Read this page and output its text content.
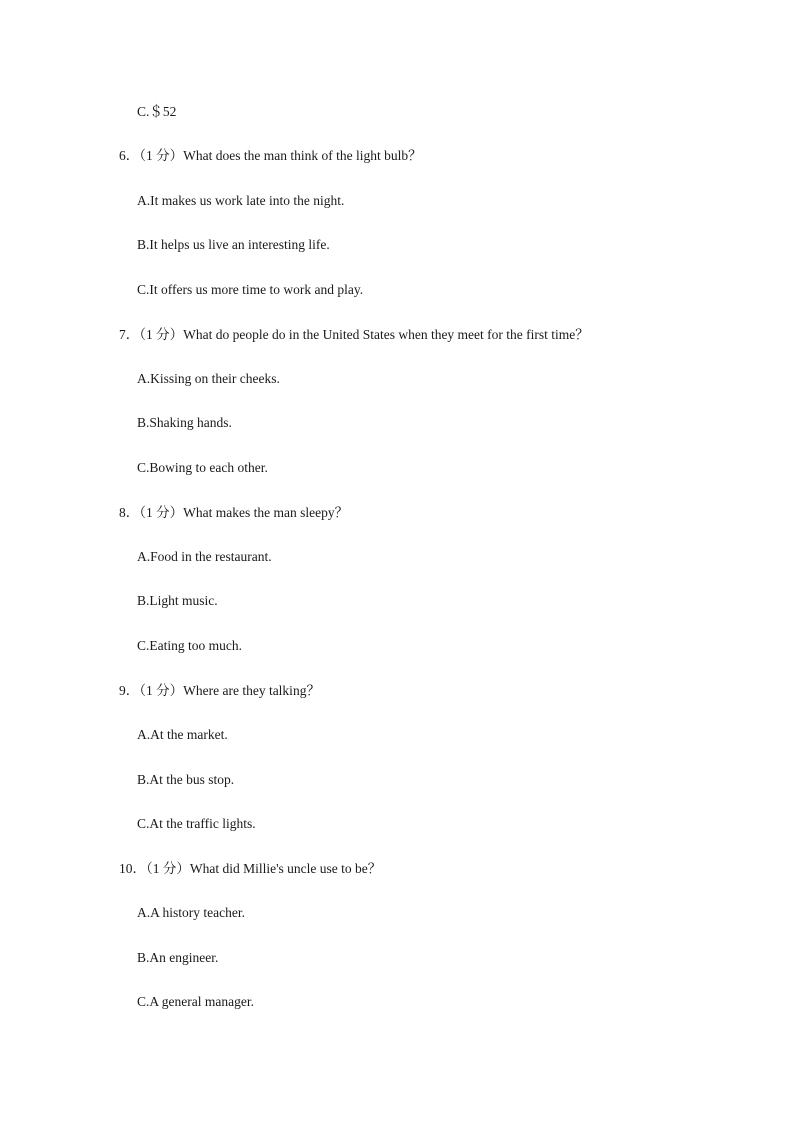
C.＄52
6．（1 分）What does the man think of the light bulb？
A.It makes us work late into the night.
B.It helps us live an interesting life.
C.It offers us more time to work and play.
7．（1 分）What do people do in the United States when they meet for the first time？
A.Kissing on their cheeks.
B.Shaking hands.
C.Bowing to each other.
8．（1 分）What makes the man sleepy？
A.Food in the restaurant.
B.Light music.
C.Eating too much.
9．（1 分）Where are they talking？
A.At the market.
B.At the bus stop.
C.At the traffic lights.
10．（1 分）What did Millie's uncle use to be？
A.A history teacher.
B.An engineer.
C.A general manager.
